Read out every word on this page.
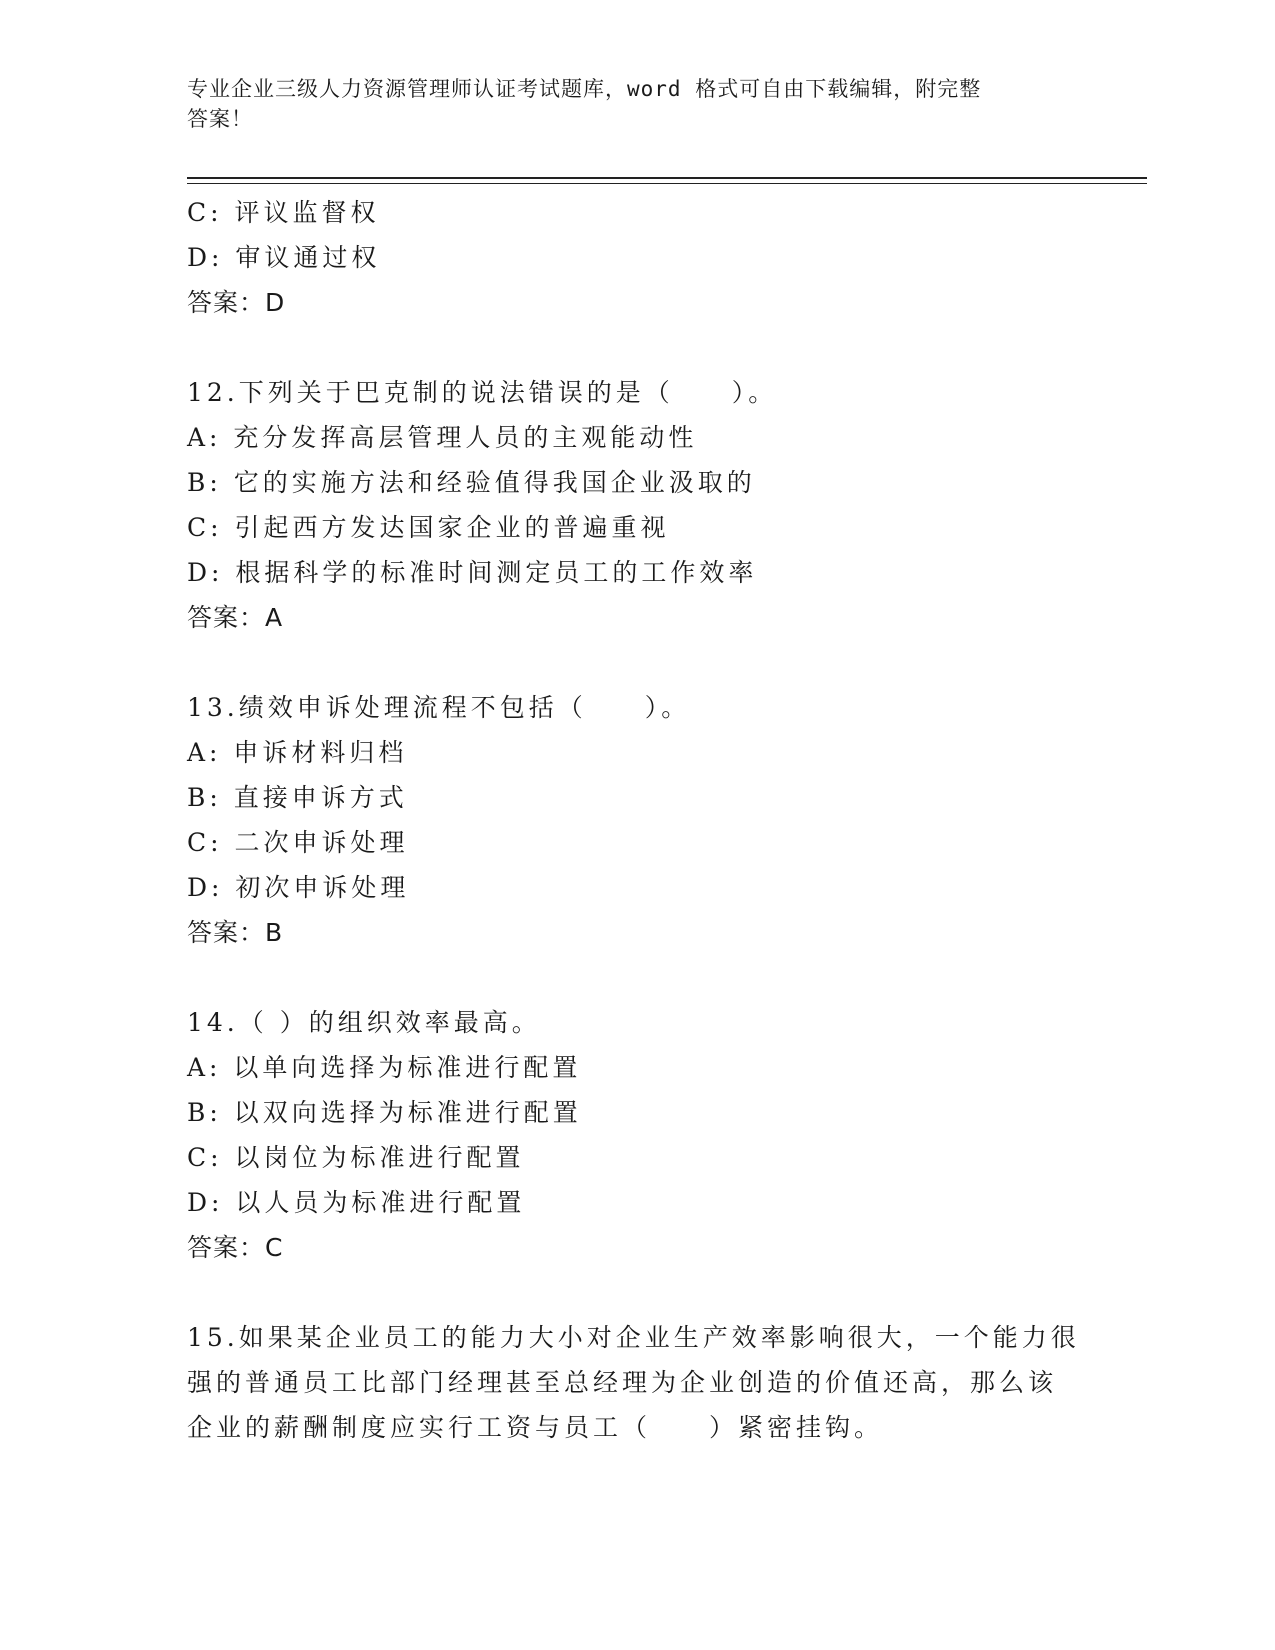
专业企业三级人力资源管理师认证考试题库，word 格式可自由下载编辑，附完整
答案！
C: 评议监督权
D: 审议通过权
答案：D
12.下列关于巴克制的说法错误的是（　　）。
A: 充分发挥高层管理人员的主观能动性
B: 它的实施方法和经验值得我国企业汲取的
C: 引起西方发达国家企业的普遍重视
D: 根据科学的标准时间测定员工的工作效率
答案：A
13.绩效申诉处理流程不包括（　　）。
A: 申诉材料归档
B: 直接申诉方式
C: 二次申诉处理
D: 初次申诉处理
答案：B
14.（ ）的组织效率最高。
A: 以单向选择为标准进行配置
B: 以双向选择为标准进行配置
C: 以岗位为标准进行配置
D: 以人员为标准进行配置
答案：C
15.如果某企业员工的能力大小对企业生产效率影响很大，一个能力很
强的普通员工比部门经理甚至总经理为企业创造的价值还高，那么该
企业的薪酬制度应实行工资与员工（　　）紧密挂钩。
